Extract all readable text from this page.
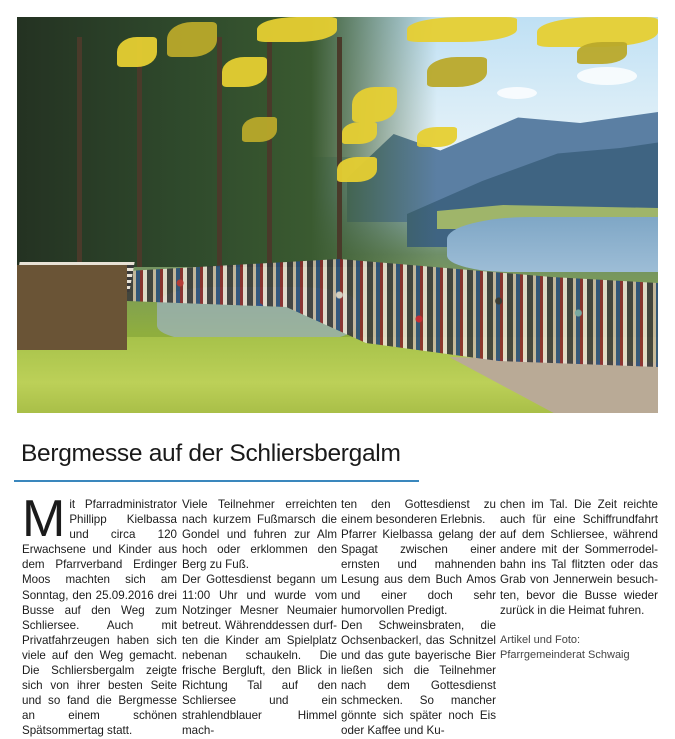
Bergmesse auf der Schliersbergalm

Mit Pfarradministrator Phillipp Kielbassa und circa 120 Erwachsene und Kinder aus dem Pfarrverband Erdinger Moos machten sich am Sonntag, den 25.09.2016 drei Busse auf den Weg zum Schliersee. Auch mit Privatfahrzeugen haben sich viele auf den Weg gemacht. Die Schliersbergalm zeigte sich von ihrer besten Seite und so fand die Bergmesse an einem schönen Spätsommertag statt.

Viele Teilnehmer erreichten nach kurzem Fußmarsch die Gondel und fuhren zur Alm hoch oder erklommen den Berg zu Fuß.

Der Gottesdienst begann um 11:00 Uhr und wurde vom Notzinger Mesner Neumaier betreut. Währenddessen durften die Kinder am Spielplatz nebenan schaukeln. Die frische Bergluft, den Blick in Richtung Tal auf den Schliersee und ein strahlendblauer Himmel mach-

ten den Gottesdienst zu einem besonderen Erlebnis.

Pfarrer Kielbassa gelang der Spagat zwischen einer ernsten und mahnenden Lesung aus dem Buch Amos und einer doch sehr humorvollen Predigt.

Den Schweinsbraten, die Ochsenbackerl, das Schnitzel und das gute bayerische Bier ließen sich die Teilnehmer nach dem Gottesdienst schmecken. So mancher gönnte sich später noch Eis oder Kaffee und Ku-

chen im Tal. Die Zeit reichte auch für eine Schiffrundfahrt auf dem Schliersee, während andere mit der Sommerrodelbahn ins Tal flitzten oder das Grab von Jennerwein besuchten, bevor die Busse wieder zurück in die Heimat fuhren.

Artikel und Foto: Pfarrgemeinderat Schwaig
